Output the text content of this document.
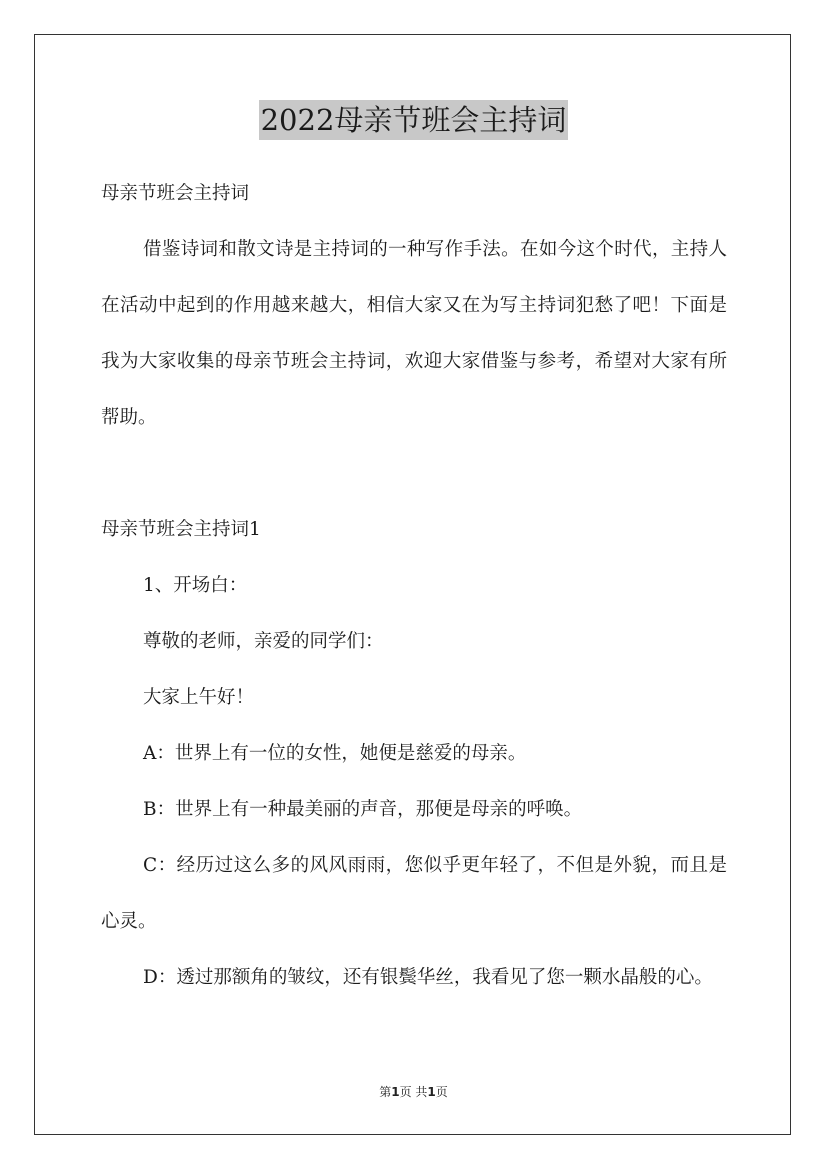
2022母亲节班会主持词

母亲节班会主持词

借鉴诗词和散文诗是主持词的一种写作手法。在如今这个时代，主持人在活动中起到的作用越来越大，相信大家又在为写主持词犯愁了吧！下面是我为大家收集的母亲节班会主持词，欢迎大家借鉴与参考，希望对大家有所帮助。

母亲节班会主持词1

1、开场白：

尊敬的老师，亲爱的同学们：

大家上午好！

A：世界上有一位的女性，她便是慈爱的母亲。

B：世界上有一种最美丽的声音，那便是母亲的呼唤。

C：经历过这么多的风风雨雨，您似乎更年轻了，不但是外貌，而且是心灵。

D：透过那额角的皱纹，还有银鬓华丝，我看见了您一颗水晶般的心。

第1页 共1页
